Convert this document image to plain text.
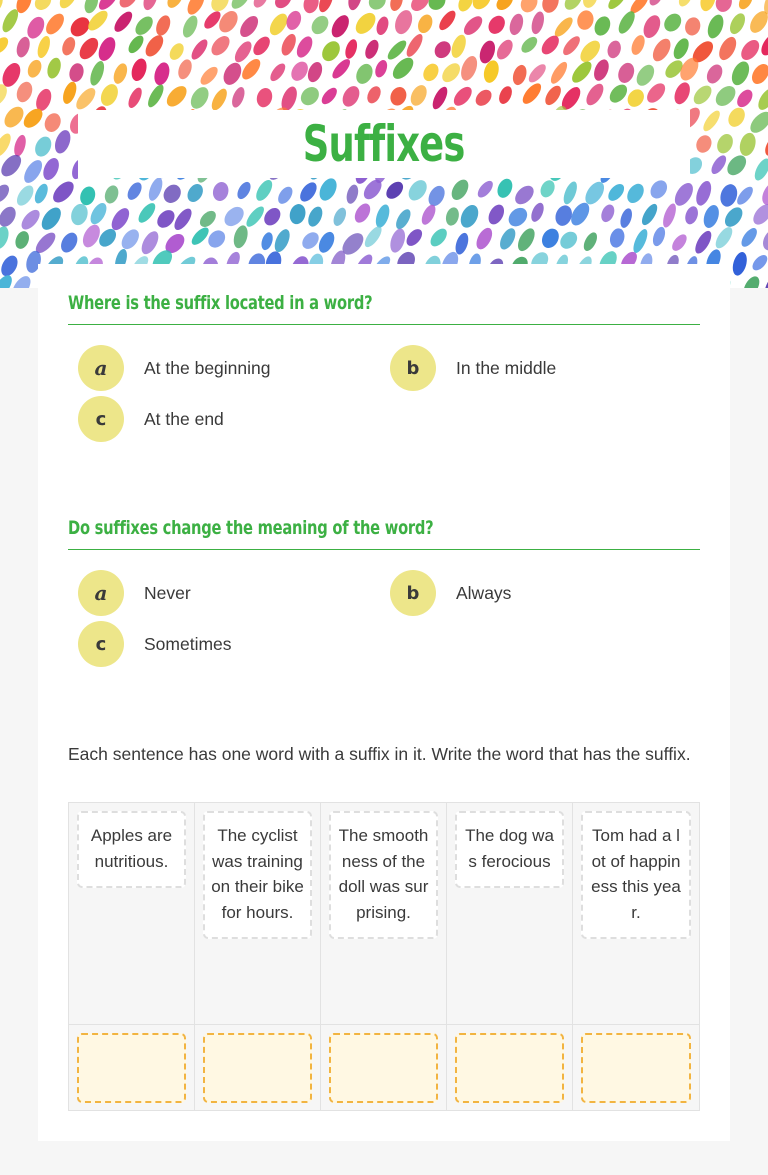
Suffixes
Where is the suffix located in a word?
a	At the beginning	b	In the middle
c	At the end
Do suffixes change the meaning of the word?
a	Never	b	Always
c	Sometimes
Each sentence has one word with a suffix in it. Write the word that has the suffix.
Apples are nutritious.
The cyclist was training on their bike for hours.
The smoothness of the doll was surprising.
The dog was ferocious
Tom had a lot of happiness this year.
